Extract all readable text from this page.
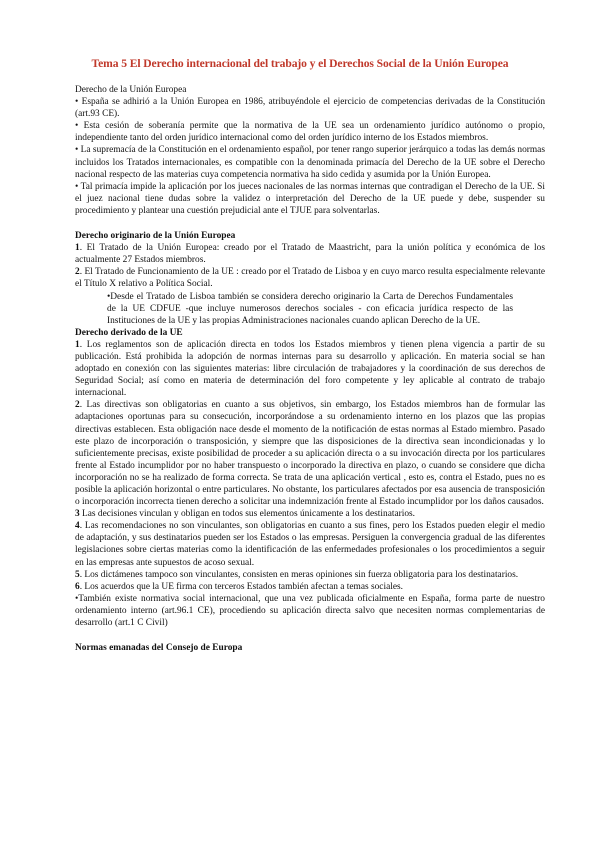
Tema 5 El Derecho internacional del trabajo y el Derechos Social de la Unión Europea

Derecho de la Unión Europea

• España se adhirió a la Unión Europea en 1986, atribuyéndole el ejercicio de competencias derivadas de la Constitución (art.93 CE).

• Esta cesión de soberanía permite que la normativa de la UE sea un ordenamiento jurídico autónomo o propio, independiente tanto del orden jurídico internacional como del orden jurídico interno de los Estados miembros.

• La supremacía de la Constitución en el ordenamiento español, por tener rango superior jerárquico a todas las demás normas incluidos los Tratados internacionales, es compatible con la denominada primacía del Derecho de la UE sobre el Derecho nacional respecto de las materias cuya competencia normativa ha sido cedida y asumida por la Unión Europea.

• Tal primacía impide la aplicación por los jueces nacionales de las normas internas que contradigan el Derecho de la UE. Si el juez nacional tiene dudas sobre la validez o interpretación del Derecho de la UE puede y debe, suspender su procedimiento y plantear una cuestión prejudicial ante el TJUE para solventarlas.

Derecho originario de la Unión Europea

1. El Tratado de la Unión Europea: creado por el Tratado de Maastricht, para la unión política y económica de los actualmente 27 Estados miembros.

2. El Tratado de Funcionamiento de la UE : creado por el Tratado de Lisboa y en cuyo marco resulta especialmente relevante el Título X relativo a Política Social.

•Desde el Tratado de Lisboa también se considera derecho originario la Carta de Derechos Fundamentales de la UE CDFUE -que incluye numerosos derechos sociales - con eficacia jurídica respecto de las Instituciones de la UE y las propias Administraciones nacionales cuando aplican Derecho de la UE.

Derecho derivado de la UE

1. Los reglamentos son de aplicación directa en todos los Estados miembros y tienen plena vigencia a partir de su publicación. Está prohibida la adopción de normas internas para su desarrollo y aplicación. En materia social se han adoptado en conexión con las siguientes materias: libre circulación de trabajadores y la coordinación de sus derechos de Seguridad Social; así como en materia de determinación del foro competente y ley aplicable al contrato de trabajo internacional.

2. Las directivas son obligatorias en cuanto a sus objetivos, sin embargo, los Estados miembros han de formular las adaptaciones oportunas para su consecución, incorporándose a su ordenamiento interno en los plazos que las propias directivas establecen. Esta obligación nace desde el momento de la notificación de estas normas al Estado miembro. Pasado este plazo de incorporación o transposición, y siempre que las disposiciones de la directiva sean incondicionadas y lo suficientemente precisas, existe posibilidad de proceder a su aplicación directa o a su invocación directa por los particulares frente al Estado incumplidor por no haber transpuesto o incorporado la directiva en plazo, o cuando se considere que dicha incorporación no se ha realizado de forma correcta. Se trata de una aplicación vertical , esto es, contra el Estado, pues no es posible la aplicación horizontal o entre particulares. No obstante, los particulares afectados por esa ausencia de transposición o incorporación incorrecta tienen derecho a solicitar una indemnización frente al Estado incumplidor por los daños causados.

3 Las decisiones vinculan y obligan en todos sus elementos únicamente a los destinatarios.

4. Las recomendaciones no son vinculantes, son obligatorias en cuanto a sus fines, pero los Estados pueden elegir el medio de adaptación, y sus destinatarios pueden ser los Estados o las empresas. Persiguen la convergencia gradual de las diferentes legislaciones sobre ciertas materias como la identificación de las enfermedades profesionales o los procedimientos a seguir en las empresas ante supuestos de acoso sexual.

5. Los dictámenes tampoco son vinculantes, consisten en meras opiniones sin fuerza obligatoria para los destinatarios.

6. Los acuerdos que la UE firma con terceros Estados también afectan a temas sociales.

•También existe normativa social internacional, que una vez publicada oficialmente en España, forma parte de nuestro ordenamiento interno (art.96.1 CE), procediendo su aplicación directa salvo que necesiten normas complementarias de desarrollo (art.1 C Civil)

Normas emanadas del Consejo de Europa
